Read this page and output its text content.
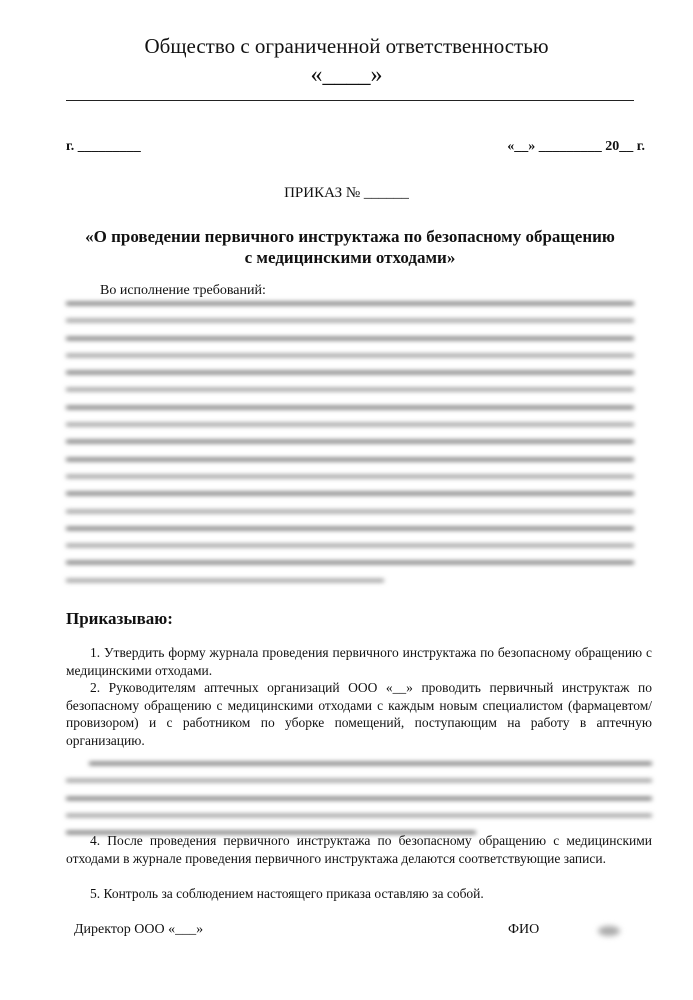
Общество с ограниченной ответственностью
«____»
г. _________	«__» _________ 20__ г.
ПРИКАЗ № ______
«О проведении первичного инструктажа по безопасному обращению
с медицинскими отходами»
Во исполнение требований:
Приказываю:
1. Утвердить форму журнала проведения первичного инструктажа по безопасному обращению с медицинскими отходами.
2. Руководителям аптечных организаций ООО «__» проводить первичный инструктаж по безопасному обращению с медицинскими отходами с каждым новым специалистом (фармацевтом/провизором) и с работником по уборке помещений, поступающим на работу в аптечную организацию.
4. После проведения первичного инструктажа по безопасному обращению с медицинскими отходами в журнале проведения первичного инструктажа делаются соответствующие записи.
5. Контроль за соблюдением настоящего приказа оставляю за собой.
Директор ООО «___»	ФИО
